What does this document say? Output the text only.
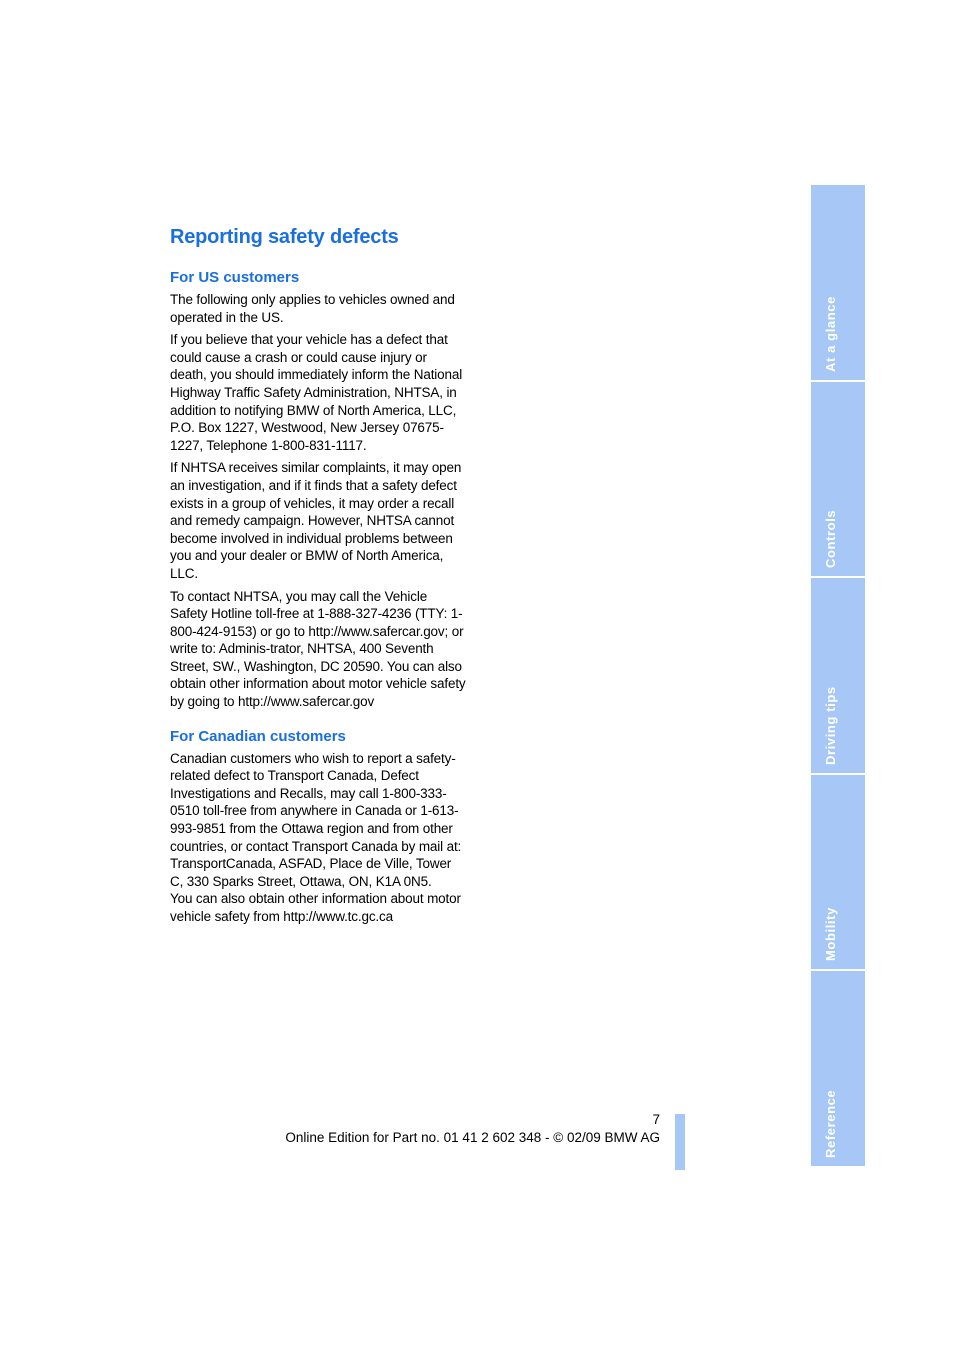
Reporting safety defects
For US customers

The following only applies to vehicles owned and operated in the US.

If you believe that your vehicle has a defect that could cause a crash or could cause injury or death, you should immediately inform the National Highway Traffic Safety Administration, NHTSA, in addition to notifying BMW of North America, LLC, P.O. Box 1227, Westwood, New Jersey 07675-1227, Telephone 1-800-831-1117.

If NHTSA receives similar complaints, it may open an investigation, and if it finds that a safety defect exists in a group of vehicles, it may order a recall and remedy campaign. However, NHTSA cannot become involved in individual problems between you and your dealer or BMW of North America, LLC.

To contact NHTSA, you may call the Vehicle Safety Hotline toll-free at 1-888-327-4236 (TTY: 1-800-424-9153) or go to http://www.safercar.gov; or write to: Adminis-trator, NHTSA, 400 Seventh Street, SW., Washington, DC 20590. You can also obtain other information about motor vehicle safety by going to http://www.safercar.gov

For Canadian customers

Canadian customers who wish to report a safety-related defect to Transport Canada, Defect Investigations and Recalls, may call 1-800-333-0510 toll-free from anywhere in Canada or 1-613-993-9851 from the Ottawa region and from other countries, or contact Transport Canada by mail at: TransportCanada, ASFAD, Place de Ville, Tower C, 330 Sparks Street, Ottawa, ON, K1A 0N5.

You can also obtain other information about motor vehicle safety from http://www.tc.gc.ca

At a glance
Controls
Driving tips
Mobility
Reference
7
Online Edition for Part no. 01 41 2 602 348 - © 02/09 BMW AG
